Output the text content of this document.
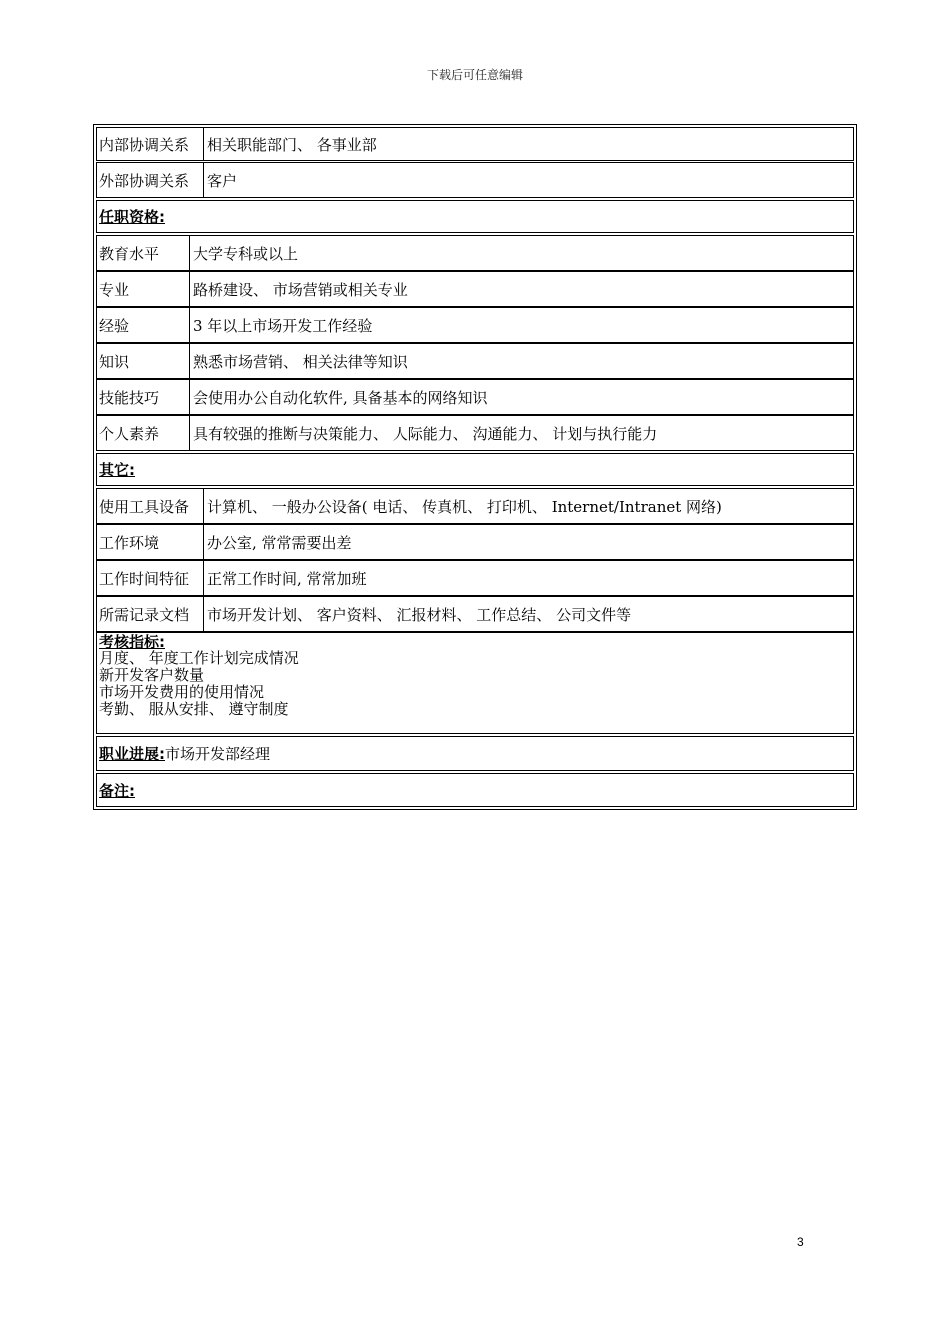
下载后可任意编辑
内部协调关系	相关职能部门、 各事业部
外部协调关系	客户
任职资格:
教育水平	大学专科或以上
专业	路桥建设、 市场营销或相关专业
经验	3 年以上市场开发工作经验
知识	熟悉市场营销、 相关法律等知识
技能技巧	会使用办公自动化软件, 具备基本的网络知识
个人素养	具有较强的推断与决策能力、 人际能力、 沟通能力、 计划与执行能力
其它:
使用工具设备	计算机、 一般办公设备( 电话、 传真机、 打印机、 Internet/Intranet 网络)
工作环境	办公室, 常常需要出差
工作时间特征	正常工作时间, 常常加班
所需记录文档	市场开发计划、 客户资料、 汇报材料、 工作总结、 公司文件等
考核指标:
月度、 年度工作计划完成情况
新开发客户数量
市场开发费用的使用情况
考勤、 服从安排、 遵守制度
职业进展: 市场开发部经理
备注:
3
